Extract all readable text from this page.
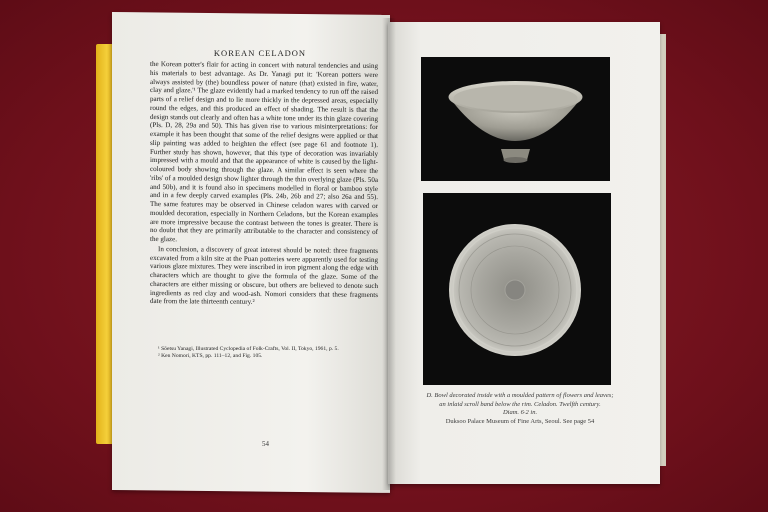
KOREAN CELADON

the Korean potter's flair for acting in concert with natural tendencies and using his materials to best advantage. As Dr. Yanagi put it: 'Korean potters were always assisted by (the) boundless power of nature (that) existed in fire, water, clay and glaze.'¹ The glaze evidently had a marked tendency to run off the raised parts of a relief design and to lie more thickly in the depressed areas, especially round the edges, and this produced an effect of shading. The result is that the design stands out clearly and often has a white tone under its thin glaze covering (Pls. D, 28, 29a and 50). This has given rise to various misinterpretations: for example it has been thought that some of the relief designs were applied or that slip painting was added to heighten the effect (see page 61 and footnote 1). Further study has shown, however, that this type of decoration was invariably impressed with a mould and that the appearance of white is caused by the light-coloured body showing through the glaze. A similar effect is seen where the 'ribs' of a moulded design show lighter through the thin overlying glaze (Pls. 50a and 50b), and it is found also in specimens modelled in floral or bamboo style and in a few deeply carved examples (Pls. 24b, 26b and 27; also 26a and 55). The same features may be observed in Chinese celadon wares with carved or moulded decoration, especially in Northern Celadons, but the Korean examples are more impressive because the contrast between the tones is greater. There is no doubt that they are primarily attributable to the character and consistency of the glaze.

In conclusion, a discovery of great interest should be noted: three fragments excavated from a kiln site at the Puan potteries were apparently used for testing various glaze mixtures. They were inscribed in iron pigment along the edge with characters which are thought to give the formula of the glaze. Some of the characters are either missing or obscure, but others are believed to denote such ingredients as red clay and wood-ash. Nomori considers that these fragments date from the late thirteenth century.²

¹ Sōetsu Yanagi, Illustrated Cyclopedia of Folk-Crafts, Vol. II, Tokyo, 1961, p. 5.
² Ken Nomori, KTS, pp. 111–12, and Fig. 105.
54
D. Bowl decorated inside with a moulded pattern of flowers and leaves;
an inlaid scroll band below the rim. Celadon. Twelfth century.
Diam. 6·2 in.
Duksoo Palace Museum of Fine Arts, Seoul. See page 54
